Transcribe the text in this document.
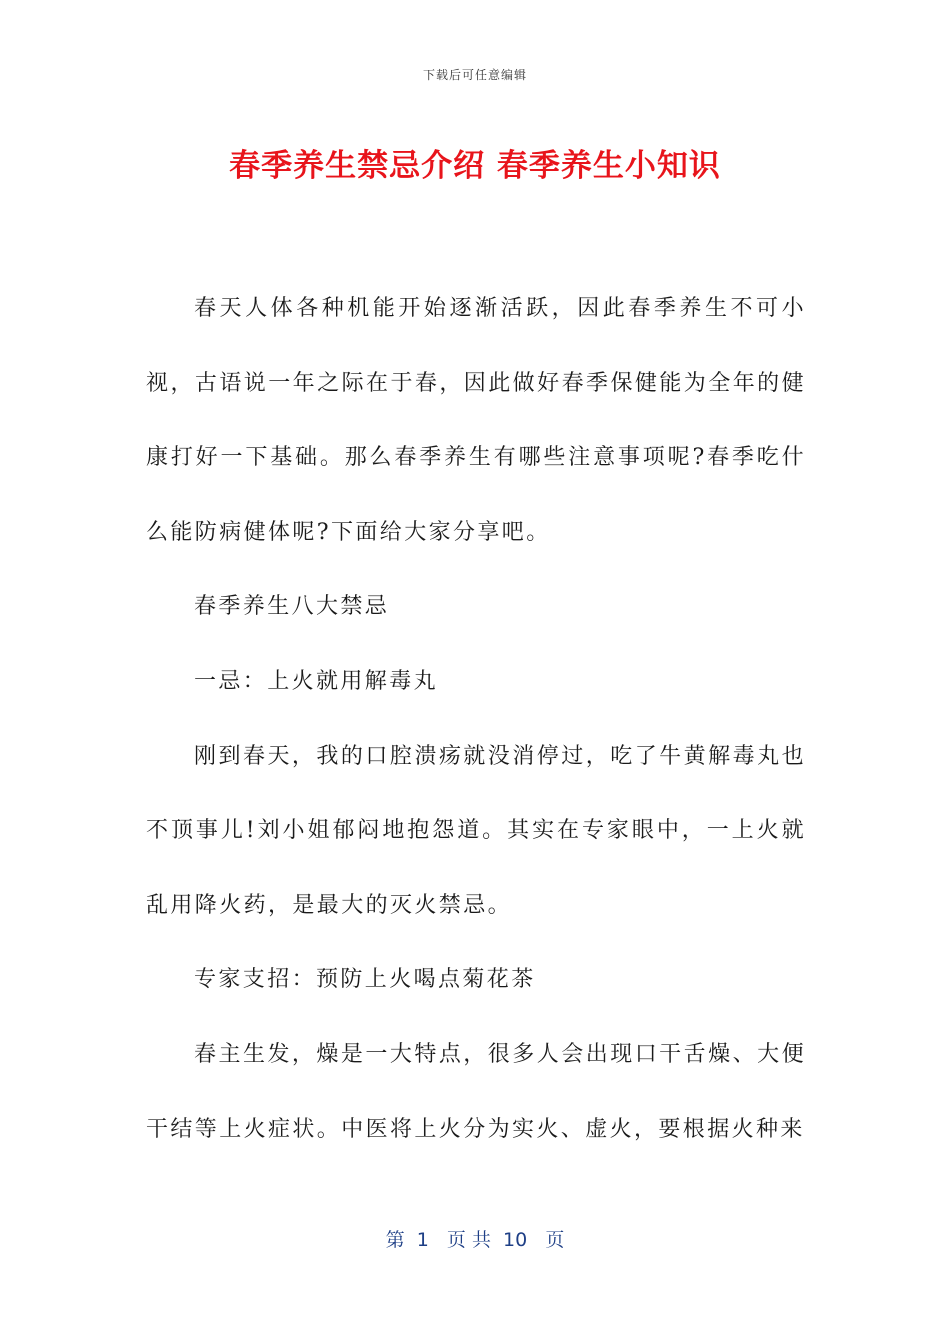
下载后可任意编辑
春季养生禁忌介绍 春季养生小知识

春天人体各种机能开始逐渐活跃，因此春季养生不可小视，古语说一年之际在于春，因此做好春季保健能为全年的健康打好一下基础。那么春季养生有哪些注意事项呢?春季吃什么能防病健体呢?下面给大家分享吧。

春季养生八大禁忌

一忌：上火就用解毒丸

刚到春天，我的口腔溃疡就没消停过，吃了牛黄解毒丸也不顶事儿!刘小姐郁闷地抱怨道。其实在专家眼中，一上火就乱用降火药，是最大的灭火禁忌。

专家支招：预防上火喝点菊花茶

春主生发，燥是一大特点，很多人会出现口干舌燥、大便干结等上火症状。中医将上火分为实火、虚火，要根据火种来

第  1   页 共  10   页
